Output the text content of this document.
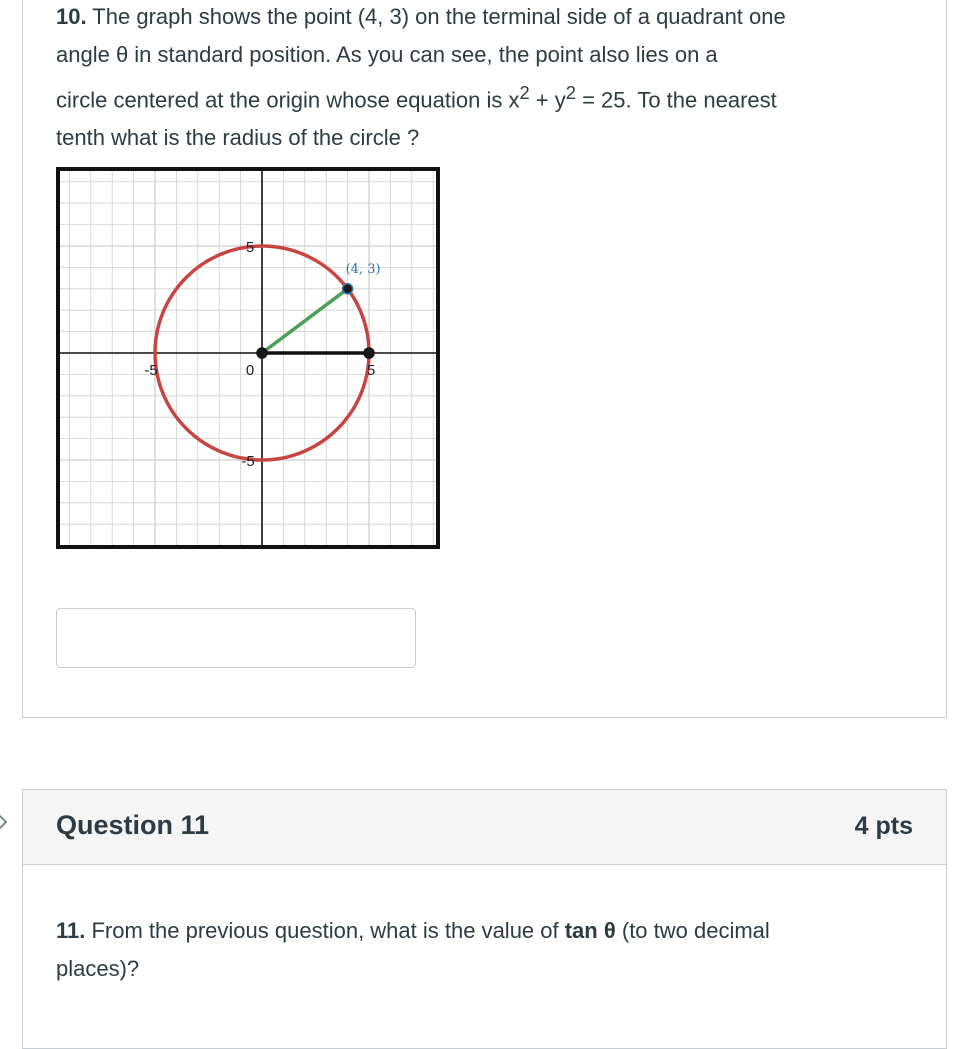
10. The graph shows the point (4, 3) on the terminal side of a quadrant one
angle θ in standard position. As you can see, the point also lies on a
circle centered at the origin whose equation is $x^2 + y^2 = 25$. To the nearest
tenth what is the radius of the circle ?

5
-5
-5	5
0
(4, 3)
Question 11	4 pts

11. From the previous question, what is the value of tan θ (to two decimal
places)?
